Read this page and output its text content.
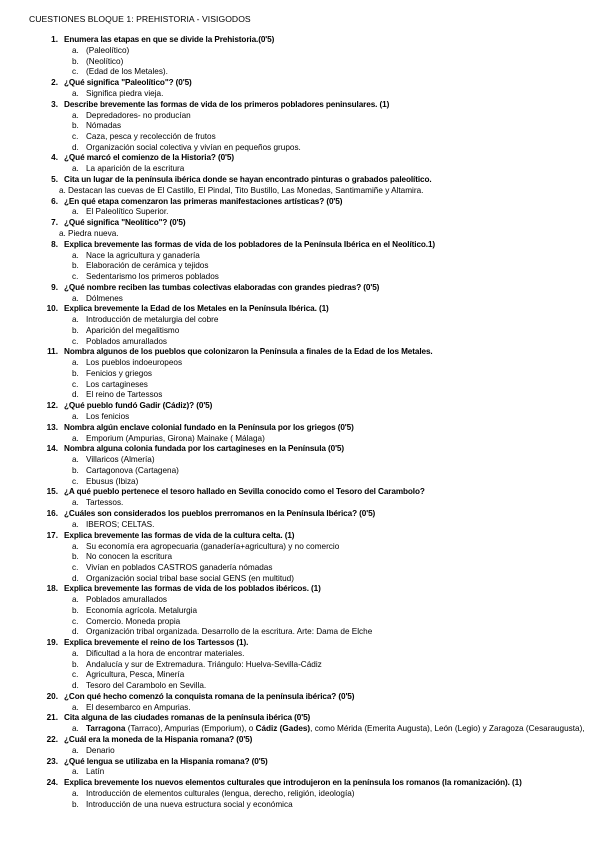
CUESTIONES BLOQUE 1: PREHISTORIA - VISIGODOS
1. Enumera las etapas en que se divide la Prehistoria.(0'5)
a. (Paleolítico)
b. (Neolítico)
c. (Edad de los Metales).
2. ¿Qué significa "Paleolítico"? (0'5)
a. Significa piedra vieja.
3. Describe brevemente las formas de vida de los primeros pobladores peninsulares. (1)
a. Depredadores- no producían
b. Nómadas
c. Caza, pesca y recolección de frutos
d. Organización social colectiva y vivían en pequeños grupos.
4. ¿Qué marcó el comienzo de la Historia? (0'5)
a. La aparición de la escritura
5. Cita un lugar de la península ibérica donde se hayan encontrado pinturas o grabados paleolítico.
a. Destacan las cuevas de El Castillo, El Pindal, Tito Bustillo, Las Monedas, Santimamiñe y Altamira.
6. ¿En qué etapa comenzaron las primeras manifestaciones artísticas? (0'5)
a. El Paleolítico Superior.
7. ¿Qué significa "Neolítico"? (0'5)
a. Piedra nueva.
8. Explica brevemente las formas de vida de los pobladores de la Península Ibérica en el Neolítico.1)
a. Nace la agricultura y ganadería
b. Elaboración de cerámica y tejidos
c. Sedentarismo los primeros poblados
9. ¿Qué nombre reciben las tumbas colectivas elaboradas con grandes piedras? (0'5)
a. Dólmenes
10. Explica brevemente la Edad de los Metales en la Península Ibérica. (1)
a. Introducción de metalurgia del cobre
b. Aparición del megalitismo
c. Poblados amurallados
11. Nombra algunos de los pueblos que colonizaron la Península a finales de la Edad de los Metales.
a. Los pueblos indoeuropeos
b. Fenicios y griegos
c. Los cartagineses
d. El reino de Tartessos
12. ¿Qué pueblo fundó Gadir (Cádiz)? (0'5)
a. Los fenicios
13. Nombra algún enclave colonial fundado en la Península por los griegos (0'5)
a. Emporium (Ampurias, Girona) Mainake ( Málaga)
14. Nombra alguna colonia fundada por los cartagineses en la Península (0'5)
a. Villaricos (Almería)
b. Cartagonova (Cartagena)
c. Ebusus (Ibiza)
15. ¿A qué pueblo pertenece el tesoro hallado en Sevilla conocido como el Tesoro del Carambolo?
a. Tartessos.
16. ¿Cuáles son considerados los pueblos prerromanos en la Península Ibérica? (0'5)
a. IBEROS; CELTAS.
17. Explica brevemente las formas de vida de la cultura celta. (1)
a. Su economía era agropecuaria (ganadería+agricultura) y no comercio
b. No conocen la escritura
c. Vivían en poblados CASTROS ganadería nómadas
d. Organización social tribal base social GENS (en multitud)
18. Explica brevemente las formas de vida de los poblados ibéricos. (1)
a. Poblados amurallados
b. Economía agrícola. Metalurgia
c. Comercio. Moneda propia
d. Organización tribal organizada. Desarrollo de la escritura. Arte: Dama de Elche
19. Explica brevemente el reino de los Tartessos (1).
a. Dificultad a la hora de encontrar materiales.
b. Andalucía y sur de Extremadura. Triángulo: Huelva-Sevilla-Cádiz
c. Agricultura, Pesca, Minería
d. Tesoro del Carambolo en Sevilla.
20. ¿Con qué hecho comenzó la conquista romana de la península ibérica? (0'5)
a. El desembarco en Ampurias.
21. Cita alguna de las ciudades romanas de la península ibérica (0'5)
a. Tarragona (Tarraco), Ampurias (Emporium), o Cádiz (Gades), como Mérida (Emerita Augusta), León (Legio) y Zaragoza (Cesaraugusta),
22. ¿Cuál era la moneda de la Hispania romana? (0'5)
a. Denario
23. ¿Qué lengua se utilizaba en la Hispania romana? (0'5)
a. Latín
24. Explica brevemente los nuevos elementos culturales que introdujeron en la península los romanos (la romanización). (1)
a. Introducción de elementos culturales (lengua, derecho, religión, ideología)
b. Introducción de una nueva estructura social y económica
